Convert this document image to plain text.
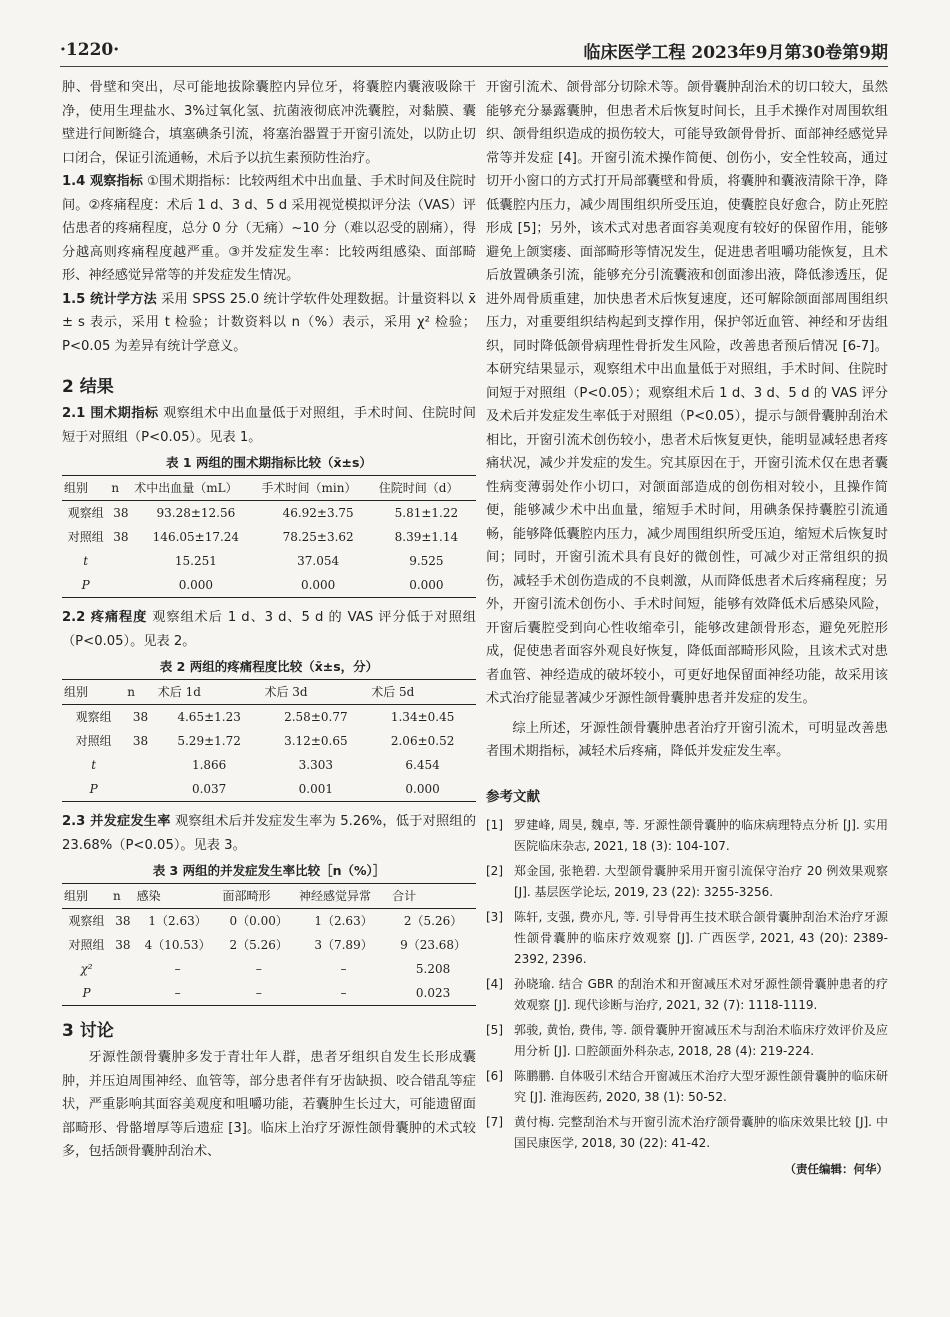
·1220·	临床医学工程 2023年9月第30卷第9期

肿、骨壁和突出，尽可能地拔除囊腔内异位牙，将囊腔内囊液吸除干净，使用生理盐水、3%过氧化氢、抗菌液彻底冲洗囊腔，对黏膜、囊壁进行间断缝合，填塞碘条引流，将塞治器置于开窗引流处，以防止切口闭合，保证引流通畅，术后予以抗生素预防性治疗。

1.4 观察指标 ①围术期指标：比较两组术中出血量、手术时间及住院时间。②疼痛程度：术后 1 d、3 d、5 d 采用视觉模拟评分法（VAS）评估患者的疼痛程度，总分 0 分（无痛）~10 分（难以忍受的剧痛），得分越高则疼痛程度越严重。③并发症发生率：比较两组感染、面部畸形、神经感觉异常等的并发症发生情况。

1.5 统计学方法 采用 SPSS 25.0 统计学软件处理数据。计量资料以 x̄ ± s 表示，采用 t 检验；计数资料以 n（%）表示，采用 χ² 检验；P<0.05 为差异有统计学意义。

2 结果

2.1 围术期指标 观察组术中出血量低于对照组，手术时间、住院时间短于对照组（P<0.05）。见表 1。

表 1 两组的围术期指标比较（x̄±s）
组别	n	术中出血量（mL）	手术时间（min）	住院时间（d）
观察组	38	93.28±12.56	46.92±3.75	5.81±1.22
对照组	38	146.05±17.24	78.25±3.62	8.39±1.14
t		15.251	37.054	9.525
P		0.000	0.000	0.000

2.2 疼痛程度 观察组术后 1 d、3 d、5 d 的 VAS 评分低于对照组（P<0.05）。见表 2。

表 2 两组的疼痛程度比较（x̄±s，分）
组别	n	术后 1d	术后 3d	术后 5d
观察组	38	4.65±1.23	2.58±0.77	1.34±0.45
对照组	38	5.29±1.72	3.12±0.65	2.06±0.52
t		1.866	3.303	6.454
P		0.037	0.001	0.000

2.3 并发症发生率 观察组术后并发症发生率为 5.26%，低于对照组的 23.68%（P<0.05）。见表 3。

表 3 两组的并发症发生率比较［n（%）］
组别	n	感染	面部畸形	神经感觉异常	合计
观察组	38	1（2.63）	0（0.00）	1（2.63）	2（5.26）
对照组	38	4（10.53）	2（5.26）	3（7.89）	9（23.68）
χ²		–	–	–	5.208
P		–	–	–	0.023
3 讨论

牙源性颌骨囊肿多发于青壮年人群，患者牙组织自发生长形成囊肿，并压迫周围神经、血管等，部分患者伴有牙齿缺损、咬合错乱等症状，严重影响其面容美观度和咀嚼功能，若囊肿生长过大，可能遗留面部畸形、骨骼增厚等后遗症 [3]。临床上治疗牙源性颌骨囊肿的术式较多，包括颌骨囊肿刮治术、

开窗引流术、颌骨部分切除术等。颌骨囊肿刮治术的切口较大，虽然能够充分暴露囊肿，但患者术后恢复时间长，且手术操作对周围软组织、颌骨组织造成的损伤较大，可能导致颌骨骨折、面部神经感觉异常等并发症 [4]。开窗引流术操作简便、创伤小，安全性较高，通过切开小窗口的方式打开局部囊壁和骨质，将囊肿和囊液清除干净，降低囊腔内压力，减少周围组织所受压迫，使囊腔良好愈合，防止死腔形成 [5]；另外，该术式对患者面容美观度有较好的保留作用，能够避免上颌窦瘘、面部畸形等情况发生，促进患者咀嚼功能恢复，且术后放置碘条引流，能够充分引流囊液和创面渗出液，降低渗透压，促进外周骨质重建，加快患者术后恢复速度，还可解除颌面部周围组织压力，对重要组织结构起到支撑作用，保护邻近血管、神经和牙齿组织，同时降低颌骨病理性骨折发生风险，改善患者预后情况 [6-7]。本研究结果显示，观察组术中出血量低于对照组，手术时间、住院时间短于对照组（P<0.05）；观察组术后 1 d、3 d、5 d 的 VAS 评分及术后并发症发生率低于对照组（P<0.05），提示与颌骨囊肿刮治术相比，开窗引流术创伤较小，患者术后恢复更快，能明显减轻患者疼痛状况，减少并发症的发生。究其原因在于，开窗引流术仅在患者囊性病变薄弱处作小切口，对颌面部造成的创伤相对较小，且操作简便，能够减少术中出血量，缩短手术时间，用碘条保持囊腔引流通畅，能够降低囊腔内压力，减少周围组织所受压迫，缩短术后恢复时间；同时，开窗引流术具有良好的微创性，可减少对正常组织的损伤，减轻手术创伤造成的不良刺激，从而降低患者术后疼痛程度；另外，开窗引流术创伤小、手术时间短，能够有效降低术后感染风险，开窗后囊腔受到向心性收缩牵引，能够改建颌骨形态，避免死腔形成，促使患者面容外观良好恢复，降低面部畸形风险，且该术式对患者血管、神经造成的破坏较小，可更好地保留面神经功能，故采用该术式治疗能显著减少牙源性颌骨囊肿患者并发症的发生。

综上所述，牙源性颌骨囊肿患者治疗开窗引流术，可明显改善患者围术期指标，减轻术后疼痛，降低并发症发生率。

参考文献
[1] 罗建峰, 周昊, 魏卓, 等. 牙源性颌骨囊肿的临床病理特点分析 [J]. 实用医院临床杂志, 2021, 18 (3): 104-107.
[2] 郑金国, 张艳碧. 大型颌骨囊肿采用开窗引流保守治疗 20 例效果观察 [J]. 基层医学论坛, 2019, 23 (22): 3255-3256.
[3] 陈轩, 支强, 费亦凡, 等. 引导骨再生技术联合颌骨囊肿刮治术治疗牙源性颌骨囊肿的临床疗效观察 [J]. 广西医学, 2021, 43 (20): 2389-2392, 2396.
[4] 孙晓瑜. 结合 GBR 的刮治术和开窗减压术对牙源性颌骨囊肿患者的疗效观察 [J]. 现代诊断与治疗, 2021, 32 (7): 1118-1119.
[5] 郭骏, 黄怡, 费伟, 等. 颌骨囊肿开窗减压术与刮治术临床疗效评价及应用分析 [J]. 口腔颌面外科杂志, 2018, 28 (4): 219-224.
[6] 陈鹏鹏. 自体吸引术结合开窗减压术治疗大型牙源性颌骨囊肿的临床研究 [J]. 淮海医药, 2020, 38 (1): 50-52.
[7] 黄付梅. 完整刮治术与开窗引流术治疗颌骨囊肿的临床效果比较 [J]. 中国民康医学, 2018, 30 (22): 41-42.
（责任编辑：何华）
